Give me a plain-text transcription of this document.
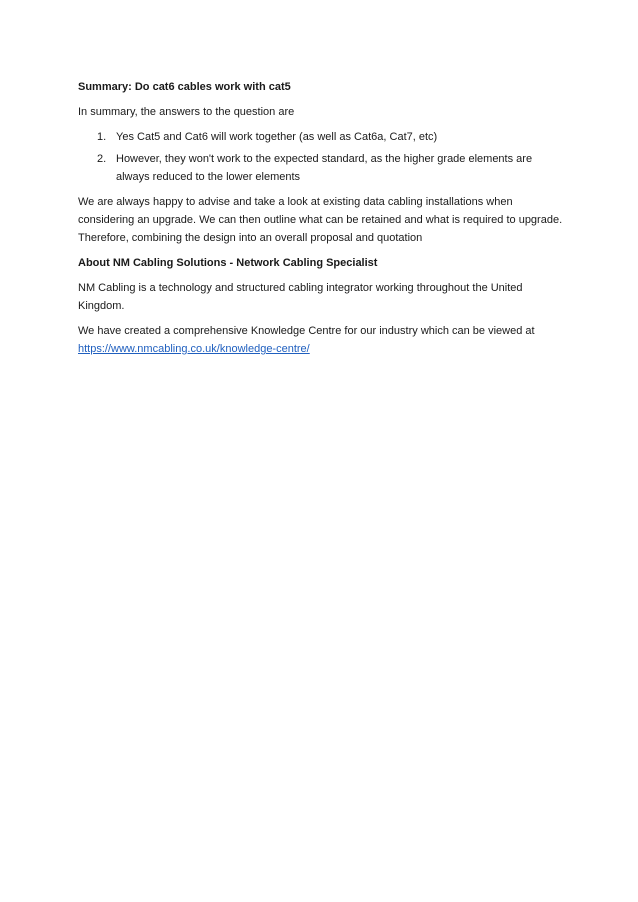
Summary: Do cat6 cables work with cat5

In summary, the answers to the question are

1. Yes Cat5 and Cat6 will work together (as well as Cat6a, Cat7, etc)
2. However, they won't work to the expected standard, as the higher grade elements are always reduced to the lower elements

We are always happy to advise and take a look at existing data cabling installations when considering an upgrade. We can then outline what can be retained and what is required to upgrade. Therefore, combining the design into an overall proposal and quotation

About NM Cabling Solutions - Network Cabling Specialist

NM Cabling is a technology and structured cabling integrator working throughout the United Kingdom.

We have created a comprehensive Knowledge Centre for our industry which can be viewed at https://www.nmcabling.co.uk/knowledge-centre/
